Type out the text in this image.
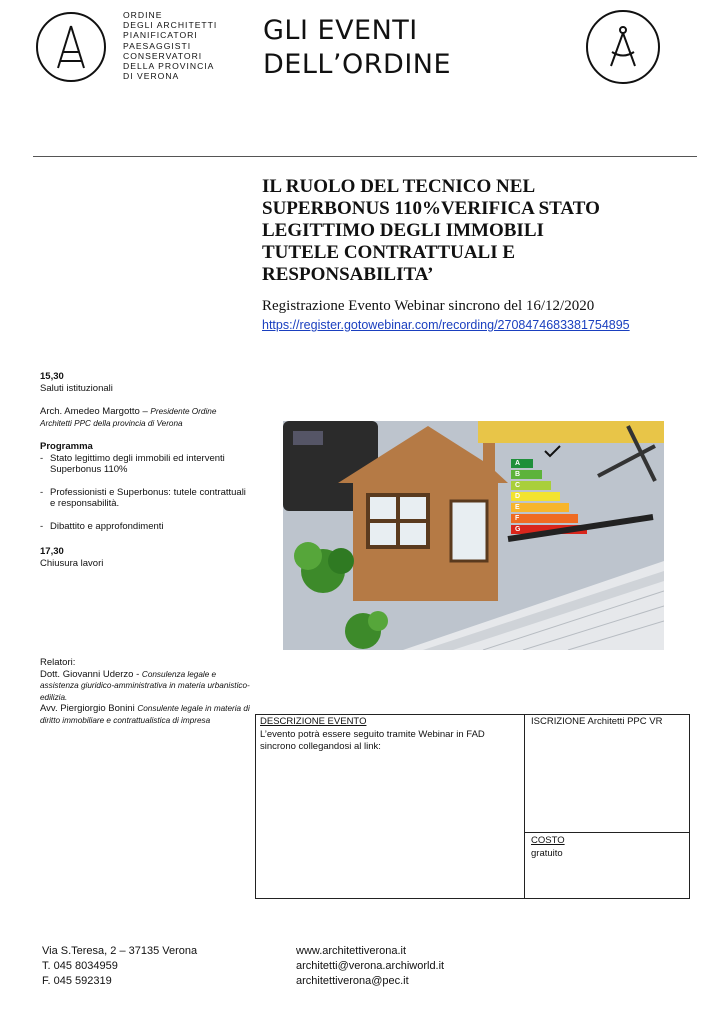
ORDINE
DEGLI ARCHITETTI
PIANIFICATORI
PAESAGGISTI
CONSERVATORI
DELLA PROVINCIA
DI VERONA
GLI EVENTI
DELL’ORDINE
IL RUOLO DEL TECNICO NEL
SUPERBONUS 110%VERIFICA STATO
LEGITTIMO DEGLI IMMOBILI
TUTELE CONTRATTUALI E
RESPONSABILITA’
Registrazione Evento Webinar sincrono del 16/12/2020
https://register.gotowebinar.com/recording/2708474683381754895

15,30

Saluti istituzionali

Arch. Amedeo Margotto – Presidente Ordine Architetti PPC della provincia di Verona

Programma

- Stato legittimo degli immobili ed interventi Superbonus 110%
- Professionisti e Superbonus: tutele contrattuali e responsabilità.
- Dibattito e approfondimenti

17,30

Chiusura lavori

Relatori:

Dott. Giovanni Uderzo - Consulenza legale e assistenza giuridico-amministrativa in materia urbanistico-edilizia.

Avv. Piergiorgio Bonini Consulente legale in materia di diritto immobiliare e contrattualistica di impresa

A
B
C
D
E
F
G
DESCRIZIONE EVENTO
L’evento potrà essere seguito tramite Webinar in FAD sincrono collegandosi al link:
ISCRIZIONE Architetti PPC VR
COSTO
gratuito
Via S.Teresa, 2 – 37135 Verona
T. 045 8034959
F. 045 592319
www.architettiverona.it
architetti@verona.archiworld.it
architettiverona@pec.it
